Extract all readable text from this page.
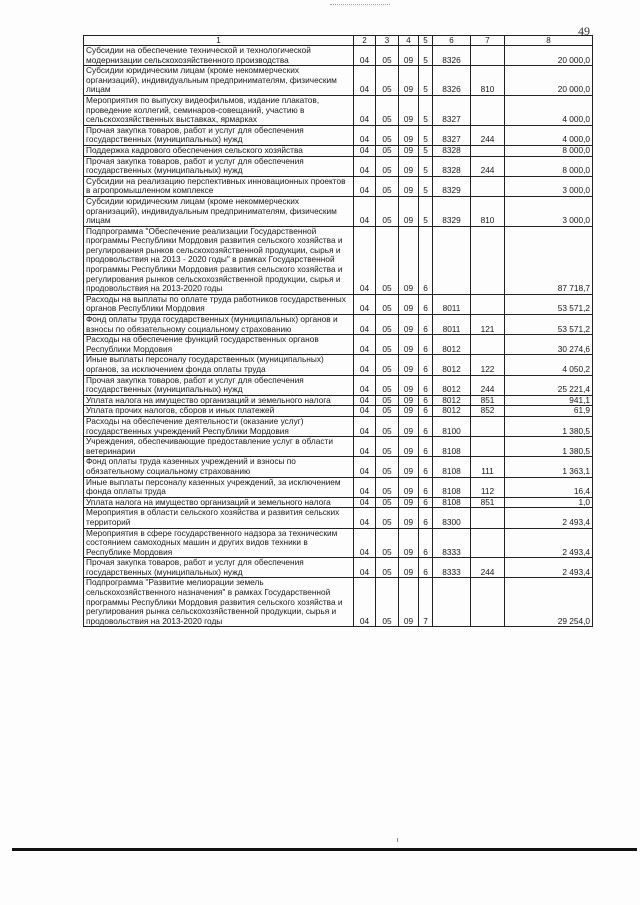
49
1	2	3	4	5	6	7	8
Субсидии на обеспечение технической и технологической модернизации сельскохозяйственного производства	04	05	09	5	8326		20 000,0
Субсидии юридическим лицам (кроме некоммерческих организаций), индивидуальным предпринимателям, физическим лицам	04	05	09	5	8326	810	20 000,0
Мероприятия по выпуску видеофильмов, издание плакатов, проведение коллегий, семинаров-совещаний, участию в сельскохозяйственных выставках, ярмарках	04	05	09	5	8327		4 000,0
Прочая закупка товаров, работ и услуг для обеспечения государственных (муниципальных) нужд	04	05	09	5	8327	244	4 000,0
Поддержка кадрового обеспечения сельского хозяйства	04	05	09	5	8328		8 000,0
Прочая закупка товаров, работ и услуг для обеспечения государственных (муниципальных) нужд	04	05	09	5	8328	244	8 000,0
Субсидии на реализацию перспективных инновационных проектов в агропромышленном комплексе	04	05	09	5	8329		3 000,0
Субсидии юридическим лицам (кроме некоммерческих организаций), индивидуальным предпринимателям, физическим лицам	04	05	09	5	8329	810	3 000,0
Подпрограмма "Обеспечение реализации Государственной программы Республики Мордовия развития сельского хозяйства и регулирования рынков сельскохозяйственной продукции, сырья и продовольствия на 2013 - 2020 годы" в рамках Государственной программы Республики Мордовия развития сельского хозяйства и регулирования рынков сельскохозяйственной продукции, сырья и продовольствия на 2013-2020 годы	04	05	09	6			87 718,7
Расходы на выплаты по оплате труда работников государственных органов Республики Мордовия	04	05	09	6	8011		53 571,2
Фонд оплаты труда государственных (муниципальных) органов и взносы по обязательному социальному страхованию	04	05	09	6	8011	121	53 571,2
Расходы на обеспечение функций государственных органов Республики Мордовия	04	05	09	6	8012		30 274,6
Иные выплаты персоналу государственных (муниципальных) органов, за исключением фонда оплаты труда	04	05	09	6	8012	122	4 050,2
Прочая закупка товаров, работ и услуг для обеспечения государственных (муниципальных) нужд	04	05	09	6	8012	244	25 221,4
Уплата налога на имущество организаций и земельного налога	04	05	09	6	8012	851	941,1
Уплата прочих налогов, сборов и иных платежей	04	05	09	6	8012	852	61,9
Расходы на обеспечение деятельности (оказание услуг) государственных учреждений Республики Мордовия	04	05	09	6	8100		1 380,5
Учреждения, обеспечивающие предоставление услуг в области ветеринарии	04	05	09	6	8108		1 380,5
Фонд оплаты труда казенных учреждений и взносы по обязательному социальному страхованию	04	05	09	6	8108	111	1 363,1
Иные выплаты персоналу казенных учреждений, за исключением фонда оплаты труда	04	05	09	6	8108	112	16,4
Уплата налога на имущество организаций и земельного налога	04	05	09	6	8108	851	1,0
Мероприятия в области сельского хозяйства и развития сельских территорий	04	05	09	6	8300		2 493,4
Мероприятия в сфере государственного надзора за техническим состоянием самоходных машин и других видов техники в Республике Мордовия	04	05	09	6	8333		2 493,4
Прочая закупка товаров, работ и услуг для обеспечения государственных (муниципальных) нужд	04	05	09	6	8333	244	2 493,4
Подпрограмма "Развитие мелиорации земель сельскохозяйственного назначения" в рамках Государственной программы Республики Мордовия развития сельского хозяйства и регулирования рынка сельскохозяйственной продукции, сырья и продовольствия на 2013-2020 годы	04	05	09	7			29 254,0
